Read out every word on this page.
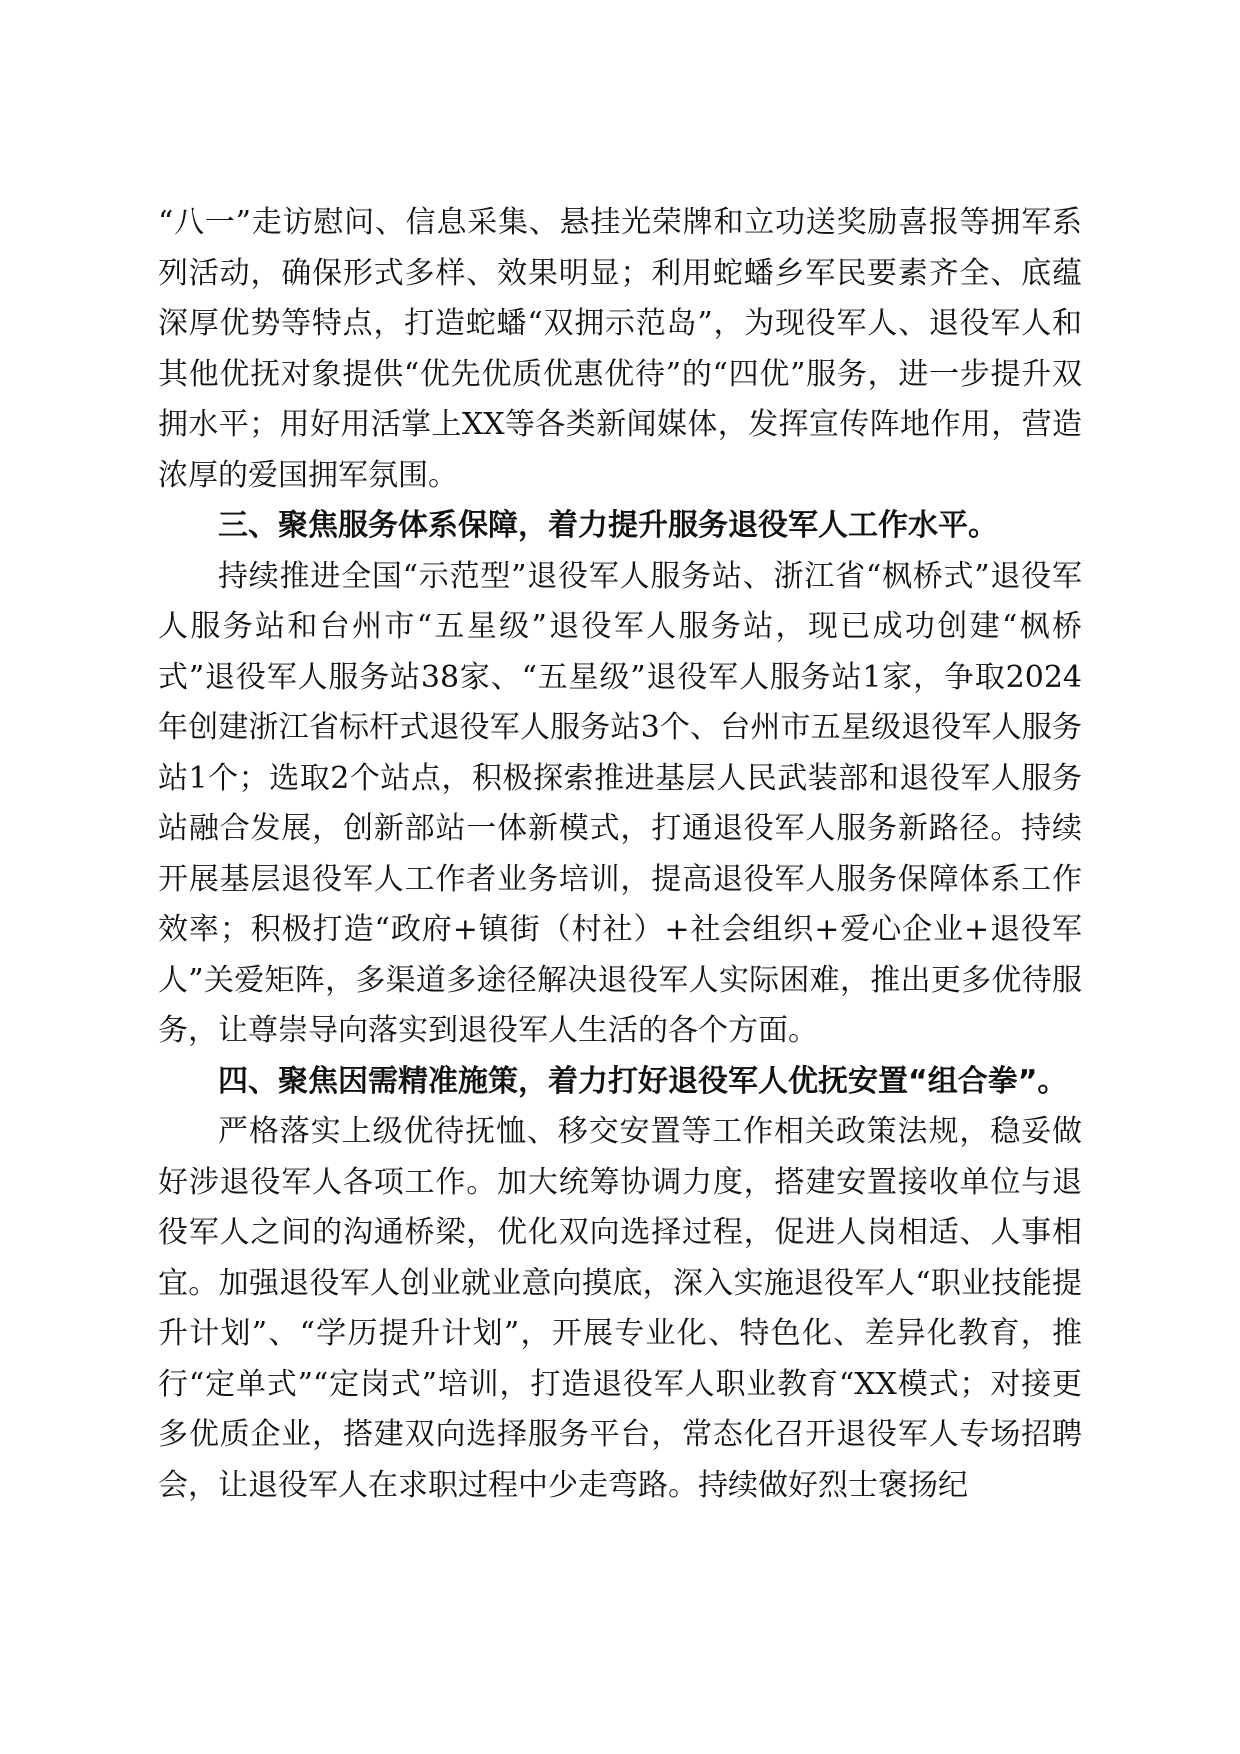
“八一”走访慰问、信息采集、悬挂光荣牌和立功送奖励喜报等拥军系列活动，确保形式多样、效果明显；利用蛇蟠乡军民要素齐全、底蕴深厚优势等特点，打造蛇蟠“双拥示范岛”，为现役军人、退役军人和其他优抚对象提供“优先优质优惠优待”的“四优”服务，进一步提升双拥水平；用好用活掌上XX等各类新闻媒体，发挥宣传阵地作用，营造浓厚的爱国拥军氛围。

三、聚焦服务体系保障，着力提升服务退役军人工作水平。

持续推进全国“示范型”退役军人服务站、浙江省“枫桥式”退役军人服务站和台州市“五星级”退役军人服务站，现已成功创建“枫桥式”退役军人服务站38家、“五星级”退役军人服务站1家，争取2024年创建浙江省标杆式退役军人服务站3个、台州市五星级退役军人服务站1个；选取2个站点，积极探索推进基层人民武装部和退役军人服务站融合发展，创新部站一体新模式，打通退役军人服务新路径。持续开展基层退役军人工作者业务培训，提高退役军人服务保障体系工作效率；积极打造“政府+镇街（村社）+社会组织+爱心企业+退役军人”关爱矩阵，多渠道多途径解决退役军人实际困难，推出更多优待服务，让尊崇导向落实到退役军人生活的各个方面。

四、聚焦因需精准施策，着力打好退役军人优抚安置“组合拳”。

严格落实上级优待抚恤、移交安置等工作相关政策法规，稳妥做好涉退役军人各项工作。加大统筹协调力度，搭建安置接收单位与退役军人之间的沟通桥梁，优化双向选择过程，促进人岗相适、人事相宜。加强退役军人创业就业意向摸底，深入实施退役军人“职业技能提升计划”、“学历提升计划”，开展专业化、特色化、差异化教育，推行“定单式”“定岗式”培训，打造退役军人职业教育“XX模式；对接更多优质企业，搭建双向选择服务平台，常态化召开退役军人专场招聘会，让退役军人在求职过程中少走弯路。持续做好烈士褒扬纪
